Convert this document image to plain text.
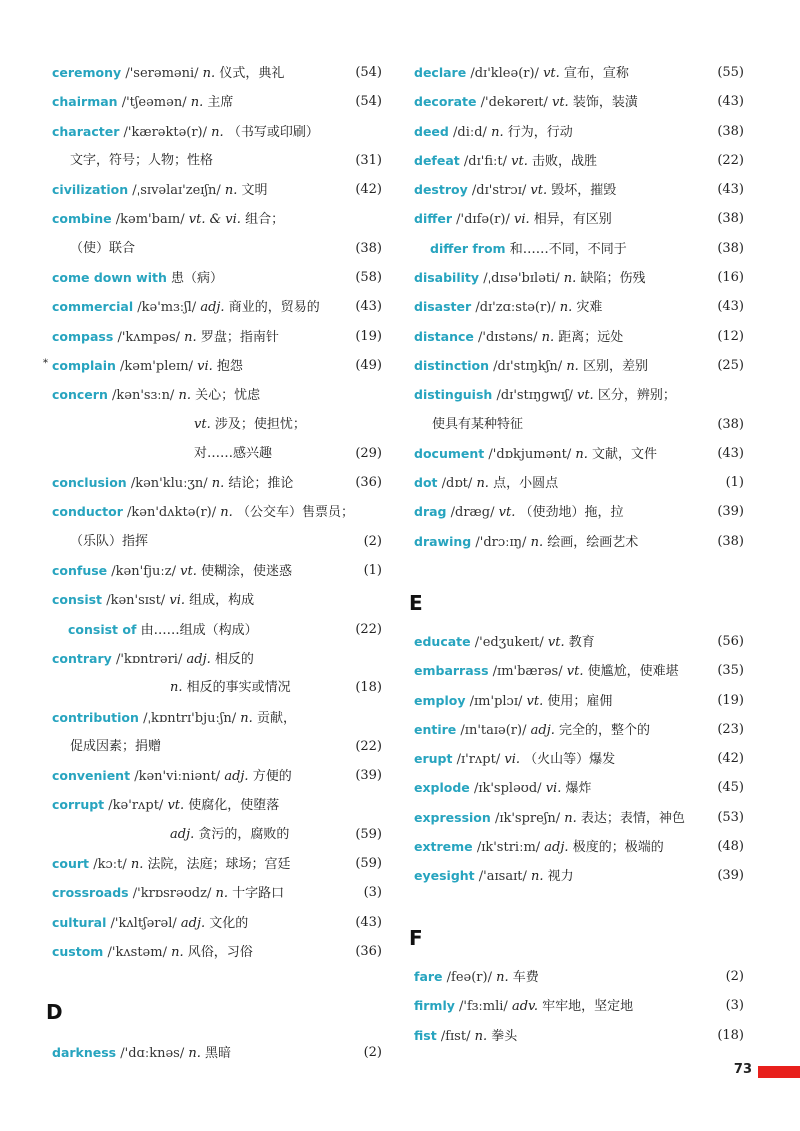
ceremony /'serəməni/ n. 仪式，典礼	(54)
chairman /'tʃeəmən/ n. 主席	(54)
character /'kærəktə(r)/ n. （书写或印刷）
文字，符号；人物；性格	(31)
civilization /ˌsɪvəlaɪ'zeɪʃn/ n. 文明	(42)
combine /kəm'baɪn/ vt. & vi. 组合；
（使）联合	(38)
come down with 患（病）	(58)
commercial /kə'mɜːʃl/ adj. 商业的，贸易的	(43)
compass /'kʌmpəs/ n. 罗盘；指南针	(19)
* complain /kəm'pleɪn/ vi. 抱怨	(49)
concern /kən'sɜːn/ n. 关心；忧虑
vt. 涉及；使担忧；
对……感兴趣	(29)
conclusion /kən'kluːʒn/ n. 结论；推论	(36)
conductor /kən'dʌktə(r)/ n. （公交车）售票员；
（乐队）指挥	(2)
confuse /kən'fjuːz/ vt. 使糊涂，使迷惑	(1)
consist /kən'sɪst/ vi. 组成，构成
consist of 由……组成（构成）	(22)
contrary /'kɒntrəri/ adj. 相反的
n. 相反的事实或情况	(18)
contribution /ˌkɒntrɪ'bjuːʃn/ n. 贡献，
促成因素；捐赠	(22)
convenient /kən'viːniənt/ adj. 方便的	(39)
corrupt /kə'rʌpt/ vt. 使腐化，使堕落
adj. 贪污的，腐败的	(59)
court /kɔːt/ n. 法院，法庭；球场；宫廷	(59)
crossroads /'krɒsrəʊdz/ n. 十字路口	(3)
cultural /'kʌltʃərəl/ adj. 文化的	(43)
custom /'kʌstəm/ n. 风俗，习俗	(36)
D
darkness /'dɑːknəs/ n. 黑暗	(2)
declare /dɪ'kleə(r)/ vt. 宣布，宣称	(55)
decorate /'dekəreɪt/ vt. 装饰，装潢	(43)
deed /diːd/ n. 行为，行动	(38)
defeat /dɪ'fiːt/ vt. 击败，战胜	(22)
destroy /dɪ'strɔɪ/ vt. 毁坏，摧毁	(43)
differ /'dɪfə(r)/ vi. 相异，有区别	(38)
differ from 和……不同，不同于	(38)
disability /ˌdɪsə'bɪləti/ n. 缺陷；伤残	(16)
disaster /dɪ'zɑːstə(r)/ n. 灾难	(43)
distance /'dɪstəns/ n. 距离；远处	(12)
distinction /dɪ'stɪŋkʃn/ n. 区别，差别	(25)
distinguish /dɪ'stɪŋgwɪʃ/ vt. 区分，辨别；
使具有某种特征	(38)
document /'dɒkjumənt/ n. 文献，文件	(43)
dot /dɒt/ n. 点，小圆点	(1)
drag /dræg/ vt. （使劲地）拖，拉	(39)
drawing /'drɔːɪŋ/ n. 绘画，绘画艺术	(38)
E
educate /'edʒukeɪt/ vt. 教育	(56)
embarrass /ɪm'bærəs/ vt. 使尴尬，使难堪	(35)
employ /ɪm'plɔɪ/ vt. 使用；雇佣	(19)
entire /ɪn'taɪə(r)/ adj. 完全的，整个的	(23)
erupt /ɪ'rʌpt/ vi. （火山等）爆发	(42)
explode /ɪk'spləʊd/ vi. 爆炸	(45)
expression /ɪk'spreʃn/ n. 表达；表情，神色 (53)
extreme /ɪk'striːm/ adj. 极度的；极端的	(48)
eyesight /'aɪsaɪt/ n. 视力	(39)
F
fare /feə(r)/ n. 车费	(2)
firmly /'fɜːmli/ adv. 牢牢地，坚定地	(3)
fist /fɪst/ n. 拳头	(18)
73
